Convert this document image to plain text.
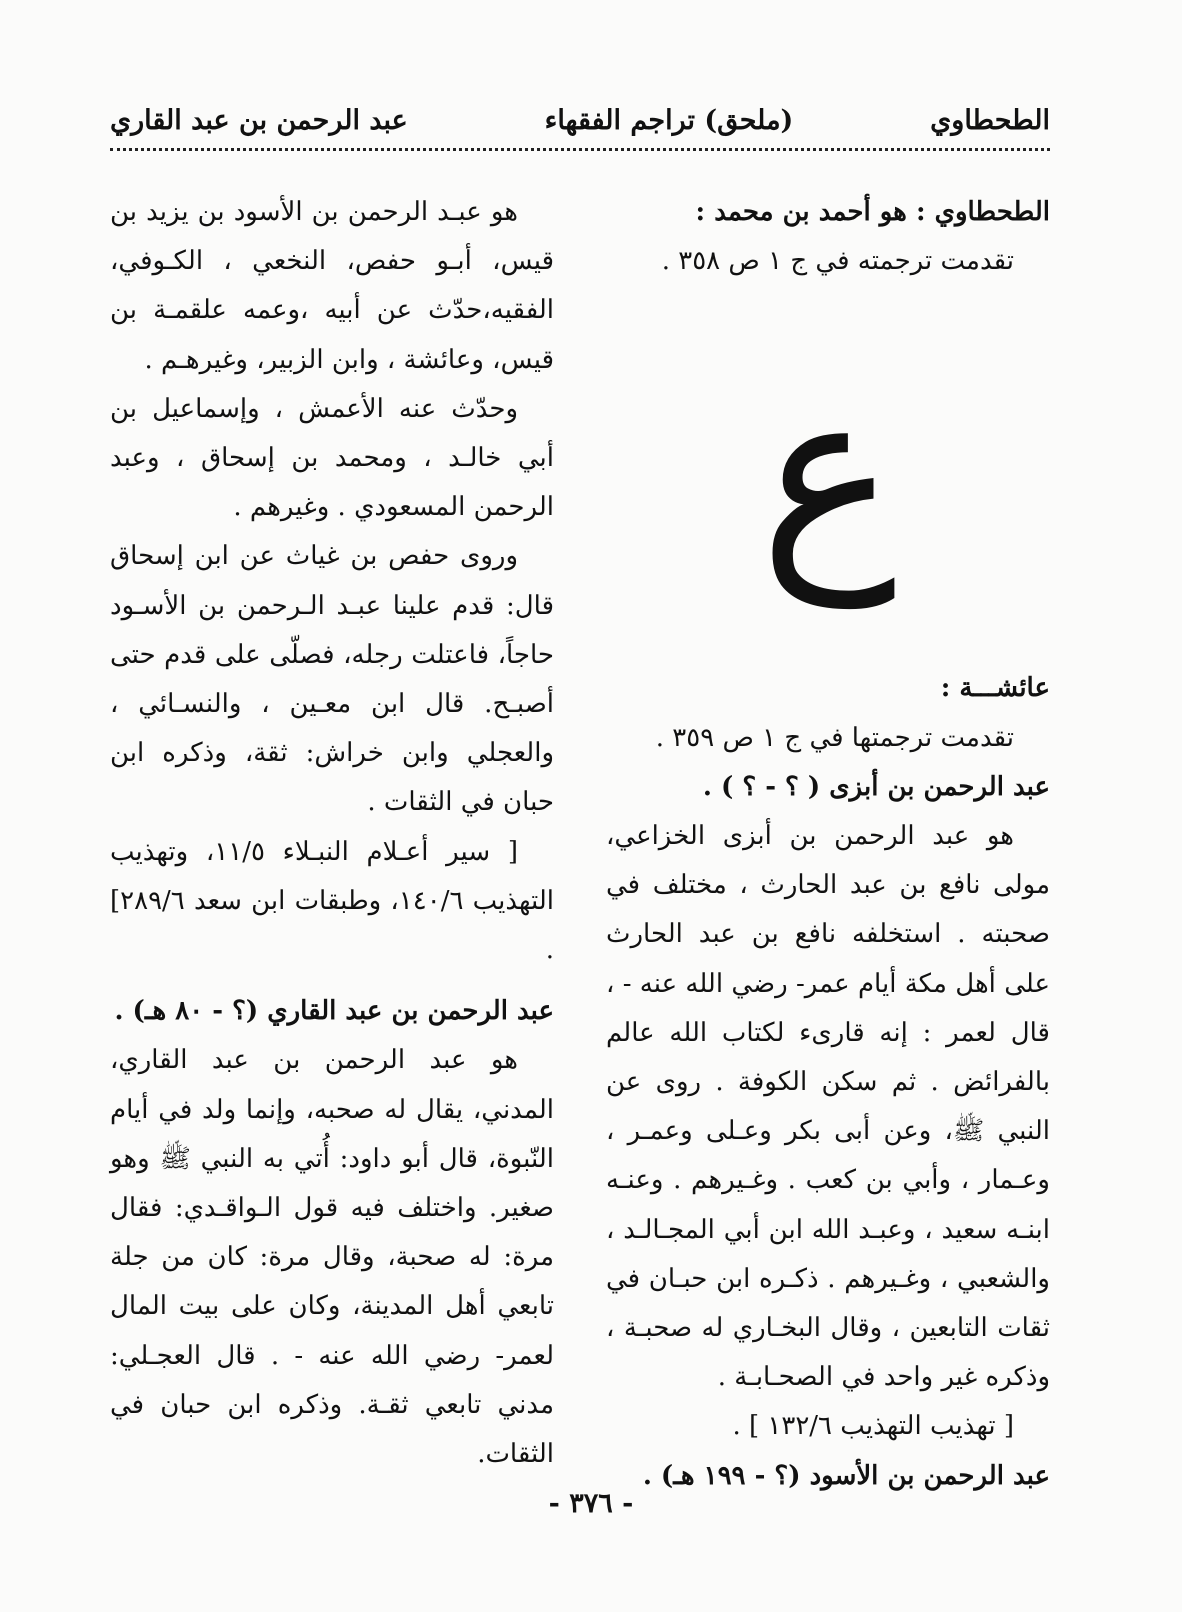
الطحطاوي
(ملحق) تراجم الفقهاء
عبد الرحمن بن عبد القاري

الطحطاوي : هو أحمد بن محمد :

تقدمت ترجمته في ج ١ ص ٣٥٨ .

ع

عائشـــة :

تقدمت ترجمتها في ج ١ ص ٣٥٩ .

عبد الرحمن بن أبزى ( ؟ - ؟ ) .

هو عبد الرحمن بن أبزى الخزاعي، مولى نافع بن عبد الحارث ، مختلف في صحبته . استخلفه نافع بن عبد الحارث على أهل مكة أيام عمر- رضي الله عنه - ، قال لعمر : إنه قارىء لكتاب الله عالم بالفرائض . ثم سكن الكوفة . روى عن النبي ﷺ، وعن أبى بكر وعـلى وعمـر ، وعـمار ، وأبي بن كعب . وغـيرهم . وعنـه ابنـه سعيد ، وعبـد الله ابن أبي المجـالـد ، والشعبي ، وغـيرهم . ذكـره ابن حبـان في ثقات التابعين ، وقال البخـاري له صحبـة ، وذكره غير واحد في الصحـابـة .

[ تهذيب التهذيب ١٣٢/٦ ] .

عبد الرحمن بن الأسود (؟ - ١٩٩ هـ) .

هو عبـد الرحمن بن الأسود بن يزيد بن قيس، أبـو حفص، النخعي ، الكـوفي، الفقيه،حدّث عن أبيه ،وعمه علقمـة بن قيس، وعائشة ، وابن الزبير، وغيرهـم .

وحدّث عنه الأعمش ، وإسماعيل بن أبي خالـد ، ومحمد بن إسحاق ، وعبد الرحمن المسعودي . وغيرهم .

وروى حفص بن غياث عن ابن إسحاق قال: قدم علينا عبـد الـرحمن بن الأسـود حاجاً، فاعتلت رجله، فصلّى على قدم حتى أصبـح. قال ابن معـين ، والنسـائي ، والعجلي وابن خراش: ثقة، وذكره ابن حبان في الثقات .

[ سير أعـلام النبـلاء ١١/٥، وتهذيب التهذيب ١٤٠/٦، وطبقات ابن سعد ٢٨٩/٦] .

عبد الرحمن بن عبد القاري (؟ - ٨٠ هـ) .

هو عبد الرحمن بن عبد القاري، المدني، يقال له صحبه، وإنما ولد في أيام النّبوة، قال أبو داود: أُتي به النبي ﷺ وهو صغير. واختلف فيه قول الـواقـدي: فقال مرة: له صحبة، وقال مرة: كان من جلة تابعي أهل المدينة، وكان على بيت المال لعمر- رضي الله عنه - . قال العجـلي: مدني تابعي ثقـة. وذكره ابن حبان في الثقات.

- ٣٧٦ -
